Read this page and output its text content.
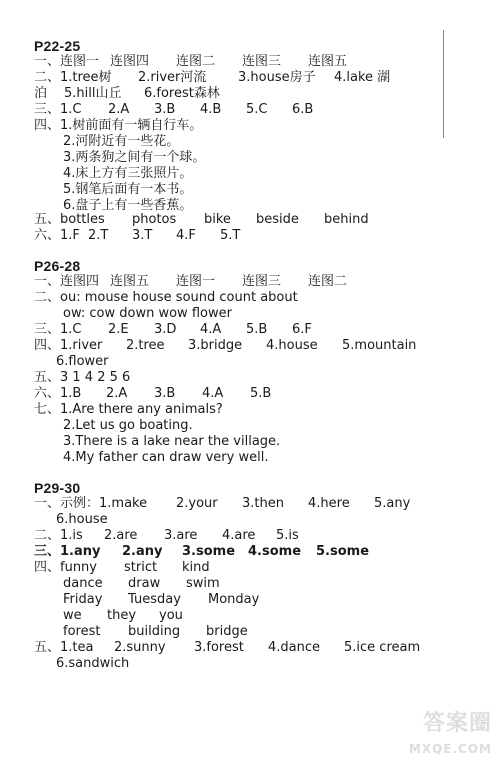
P22-25
一、连图一 连图四 连图二 连图三 连图五
二、1.tree树 2.river河流 3.house房子 4.lake 湖
泊 5.hill山丘 6.forest森林
三、1.C 2.A 3.B 4.B 5.C 6.B
四、1.树前面有一辆自行车。
2.河附近有一些花。
3.两条狗之间有一个球。
4.床上方有三张照片。
5.钢笔后面有一本书。
6.盘子上有一些香蕉。
五、bottles photos bike beside behind
六、1.F 2.T 3.T 4.F 5.T
P26-28
一、连图四 连图五 连图一 连图三 连图二
二、ou: mouse house sound count about
ow: cow down wow flower
三、1.C 2.E 3.D 4.A 5.B 6.F
四、1.river 2.tree 3.bridge 4.house 5.mountain
6.flower
五、3 1 4 2 5 6
六、1.B 2.A 3.B 4.A 5.B
七、1.Are there any animals?
2.Let us go boating.
3.There is a lake near the village.
4.My father can draw very well.
P29-30
一、示例：1.make 2.your 3.then 4.here 5.any
6.house
二、1.is 2.are 3.are 4.are 5.is
三、1.any 2.any 3.some 4.some 5.some
四、funny strict kind
dance draw swim
Friday Tuesday Monday
we they you
forest building bridge
五、1.tea 2.sunny 3.forest 4.dance 5.ice cream
6.sandwich
答案圈
MXQE.COM
